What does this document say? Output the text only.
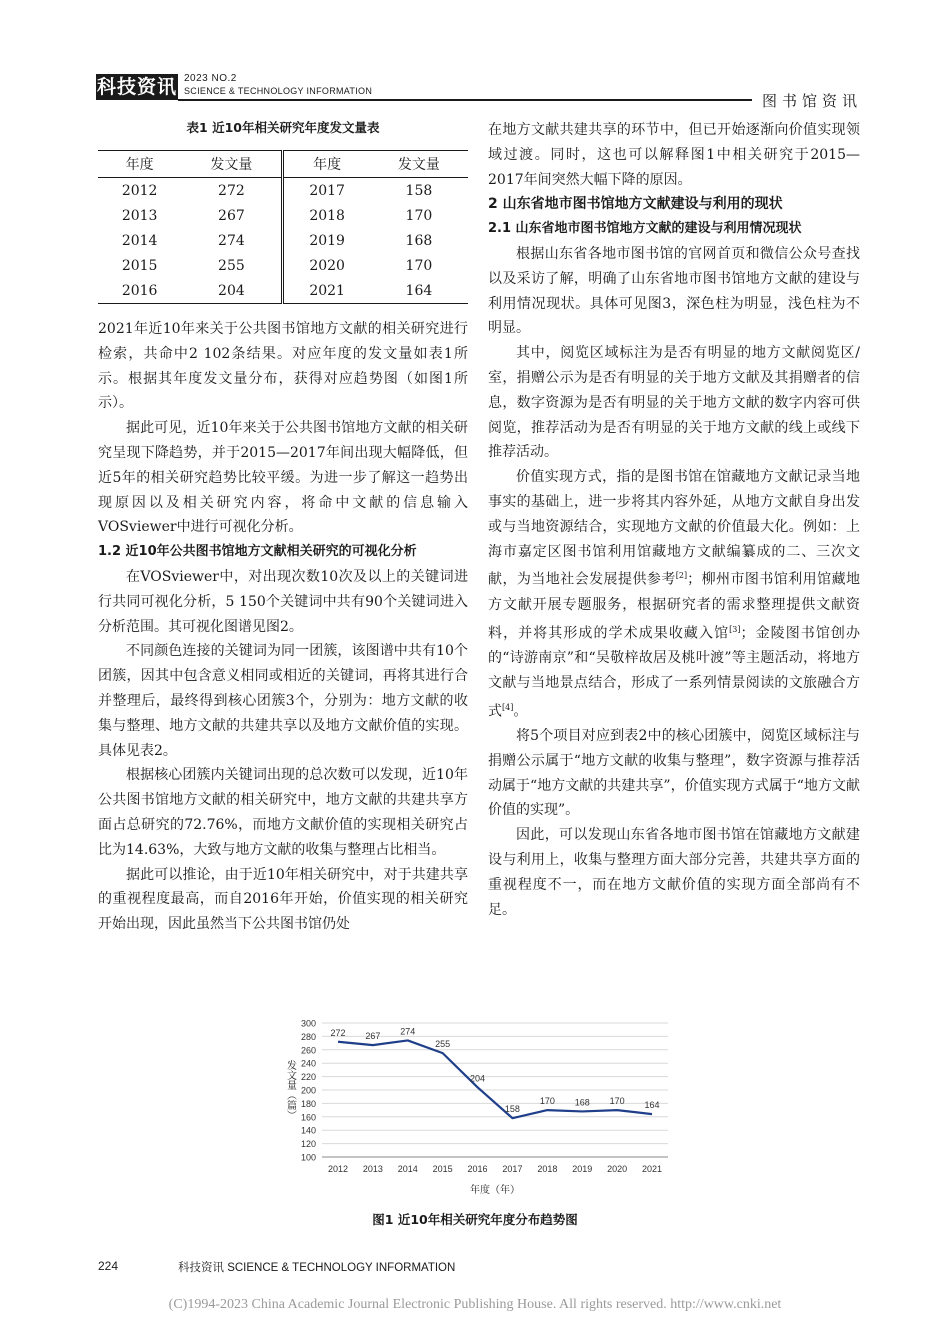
科技资讯 2023 NO.2
SCIENCE & TECHNOLOGY INFORMATION
图书馆资讯
表1 近10年相关研究年度发文量表
年度	发文量	年度	发文量
2012	272	2017	158
2013	267	2018	170
2014	274	2019	168
2015	255	2020	170
2016	204	2021	164

2021年近10年来关于公共图书馆地方文献的相关研究进行检索，共命中2 102条结果。对应年度的发文量如表1所示。根据其年度发文量分布，获得对应趋势图（如图1所示）。

据此可见，近10年来关于公共图书馆地方文献的相关研究呈现下降趋势，并于2015—2017年间出现大幅降低，但近5年的相关研究趋势比较平缓。为进一步了解这一趋势出现原因以及相关研究内容，将命中文献的信息输入VOSviewer中进行可视化分析。

1.2 近10年公共图书馆地方文献相关研究的可视化分析

在VOSviewer中，对出现次数10次及以上的关键词进行共同可视化分析，5 150个关键词中共有90个关键词进入分析范围。其可视化图谱见图2。

不同颜色连接的关键词为同一团簇，该图谱中共有10个团簇，因其中包含意义相同或相近的关键词，再将其进行合并整理后，最终得到核心团簇3个，分别为：地方文献的收集与整理、地方文献的共建共享以及地方文献价值的实现。具体见表2。

根据核心团簇内关键词出现的总次数可以发现，近10年公共图书馆地方文献的相关研究中，地方文献的共建共享方面占总研究的72.76%，而地方文献价值的实现相关研究占比为14.63%，大致与地方文献的收集与整理占比相当。

据此可以推论，由于近10年相关研究中，对于共建共享的重视程度最高，而自2016年开始，价值实现的相关研究开始出现，因此虽然当下公共图书馆仍处

在地方文献共建共享的环节中，但已开始逐渐向价值实现领域过渡。同时，这也可以解释图1中相关研究于2015—2017年间突然大幅下降的原因。

2 山东省地市图书馆地方文献建设与利用的现状
2.1 山东省地市图书馆地方文献的建设与利用情况现状

根据山东省各地市图书馆的官网首页和微信公众号查找以及采访了解，明确了山东省地市图书馆地方文献的建设与利用情况现状。具体可见图3，深色柱为明显，浅色柱为不明显。

其中，阅览区域标注为是否有明显的地方文献阅览区/室，捐赠公示为是否有明显的关于地方文献及其捐赠者的信息，数字资源为是否有明显的关于地方文献的数字内容可供阅览，推荐活动为是否有明显的关于地方文献的线上或线下推荐活动。

价值实现方式，指的是图书馆在馆藏地方文献记录当地事实的基础上，进一步将其内容外延，从地方文献自身出发或与当地资源结合，实现地方文献的价值最大化。例如：上海市嘉定区图书馆利用馆藏地方文献编纂成的二、三次文献，为当地社会发展提供参考[2]；柳州市图书馆利用馆藏地方文献开展专题服务，根据研究者的需求整理提供文献资料，并将其形成的学术成果收藏入馆[3]；金陵图书馆创办的“诗游南京”和“吴敬梓故居及桃叶渡”等主题活动，将地方文献与当地景点结合，形成了一系列情景阅读的文旅融合方式[4]。

将5个项目对应到表2中的核心团簇中，阅览区域标注与捐赠公示属于“地方文献的收集与整理”，数字资源与推荐活动属于“地方文献的共建共享”，价值实现方式属于“地方文献价值的实现”。

因此，可以发现山东省各地市图书馆在馆藏地方文献建设与利用上，收集与整理方面大部分完善，共建共享方面的重视程度不一，而在地方文献价值的实现方面全部尚有不足。

100
120
140
160
180
200
220
240
260
280
300
2012 2013 2014 2015 2016 2017 2018 2019 2020 2021
272 267 274
255
204
158
170 168 170 164
发文量（篇）
年度（年）
图1 近10年相关研究年度分布趋势图
224	科技资讯 SCIENCE & TECHNOLOGY INFORMATION
(C)1994-2023 China Academic Journal Electronic Publishing House. All rights reserved. http://www.cnki.net
